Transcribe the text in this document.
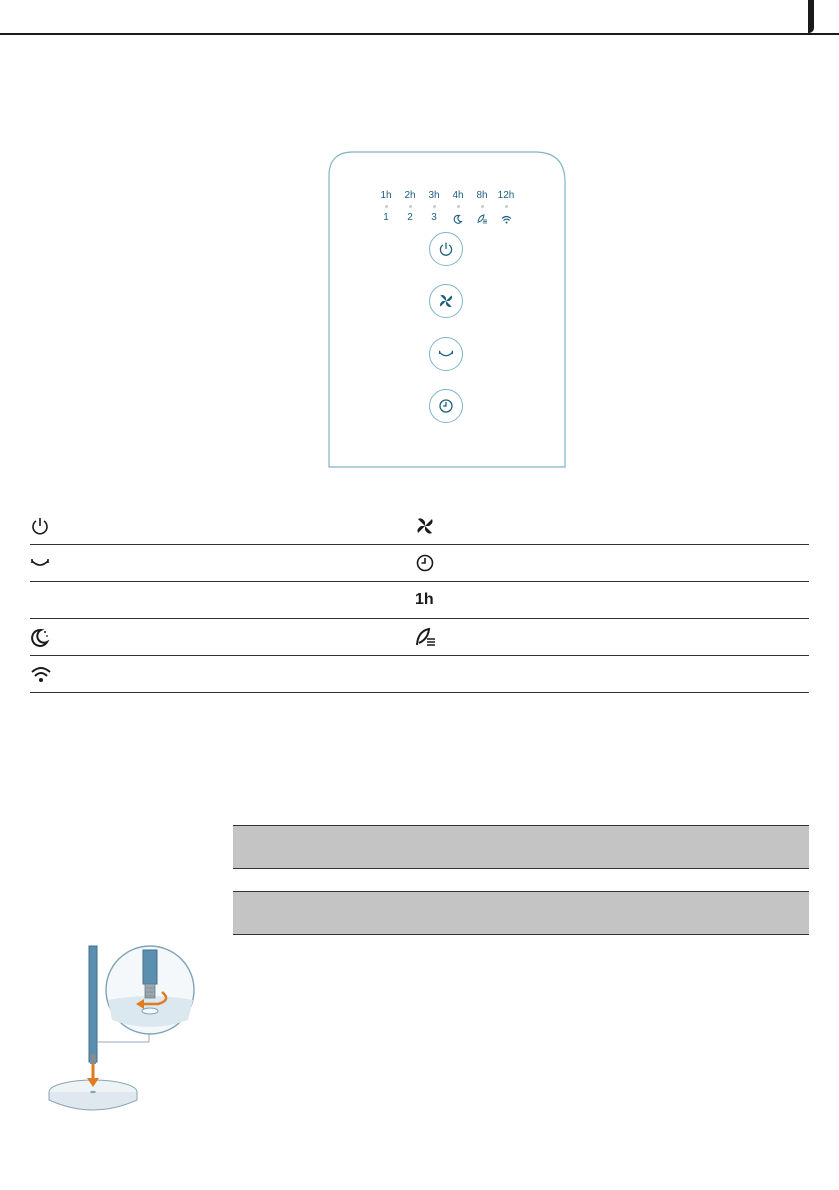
1h	2h	3h	4h	8h	12h
1	2	3
1h
